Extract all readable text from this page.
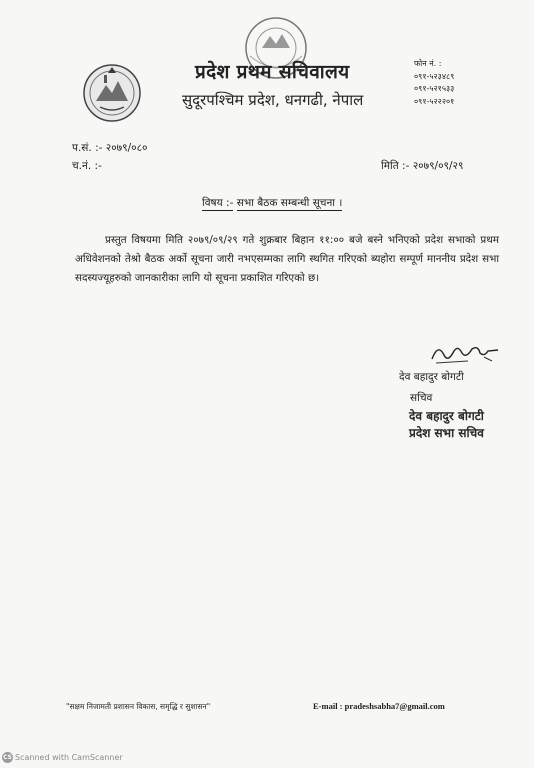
प्रदेश प्रथम सचिवालय
सुदूरपश्चिम प्रदेश, धनगढी, नेपाल
फोन नं. :
०९१-५२३४८९
०९१-५२१५३३
०९१-५२२२०१
प.सं. :- २०७९/०८०
च.नं. :-	मिति :- २०७९/०९/२९
विषय :- सभा बैठक सम्बन्धी सूचना ।
प्रस्तुत विषयमा मिति २०७९/०९/२९ गते शुक्रबार बिहान ११:०० बजे बस्ने भनिएको प्रदेश सभाको प्रथम अधिवेशनको तेश्रो बैठक अर्को सूचना जारी नभएसम्मका लागि स्थगित गरिएको ब्यहोरा सम्पूर्ण माननीय प्रदेश सभा सदस्यज्यूहरुको जानकारीका लागि यो सूचना प्रकाशित गरिएको छ।
देव बहादुर बोगटी
सचिव
देव बहादुर बोगटी
प्रदेश सभा सचिव
"सक्षम निजामती प्रशासन विकास, समृद्धि र सुशासन"	E-mail : pradeshsabha7@gmail.com
CS Scanned with CamScanner
